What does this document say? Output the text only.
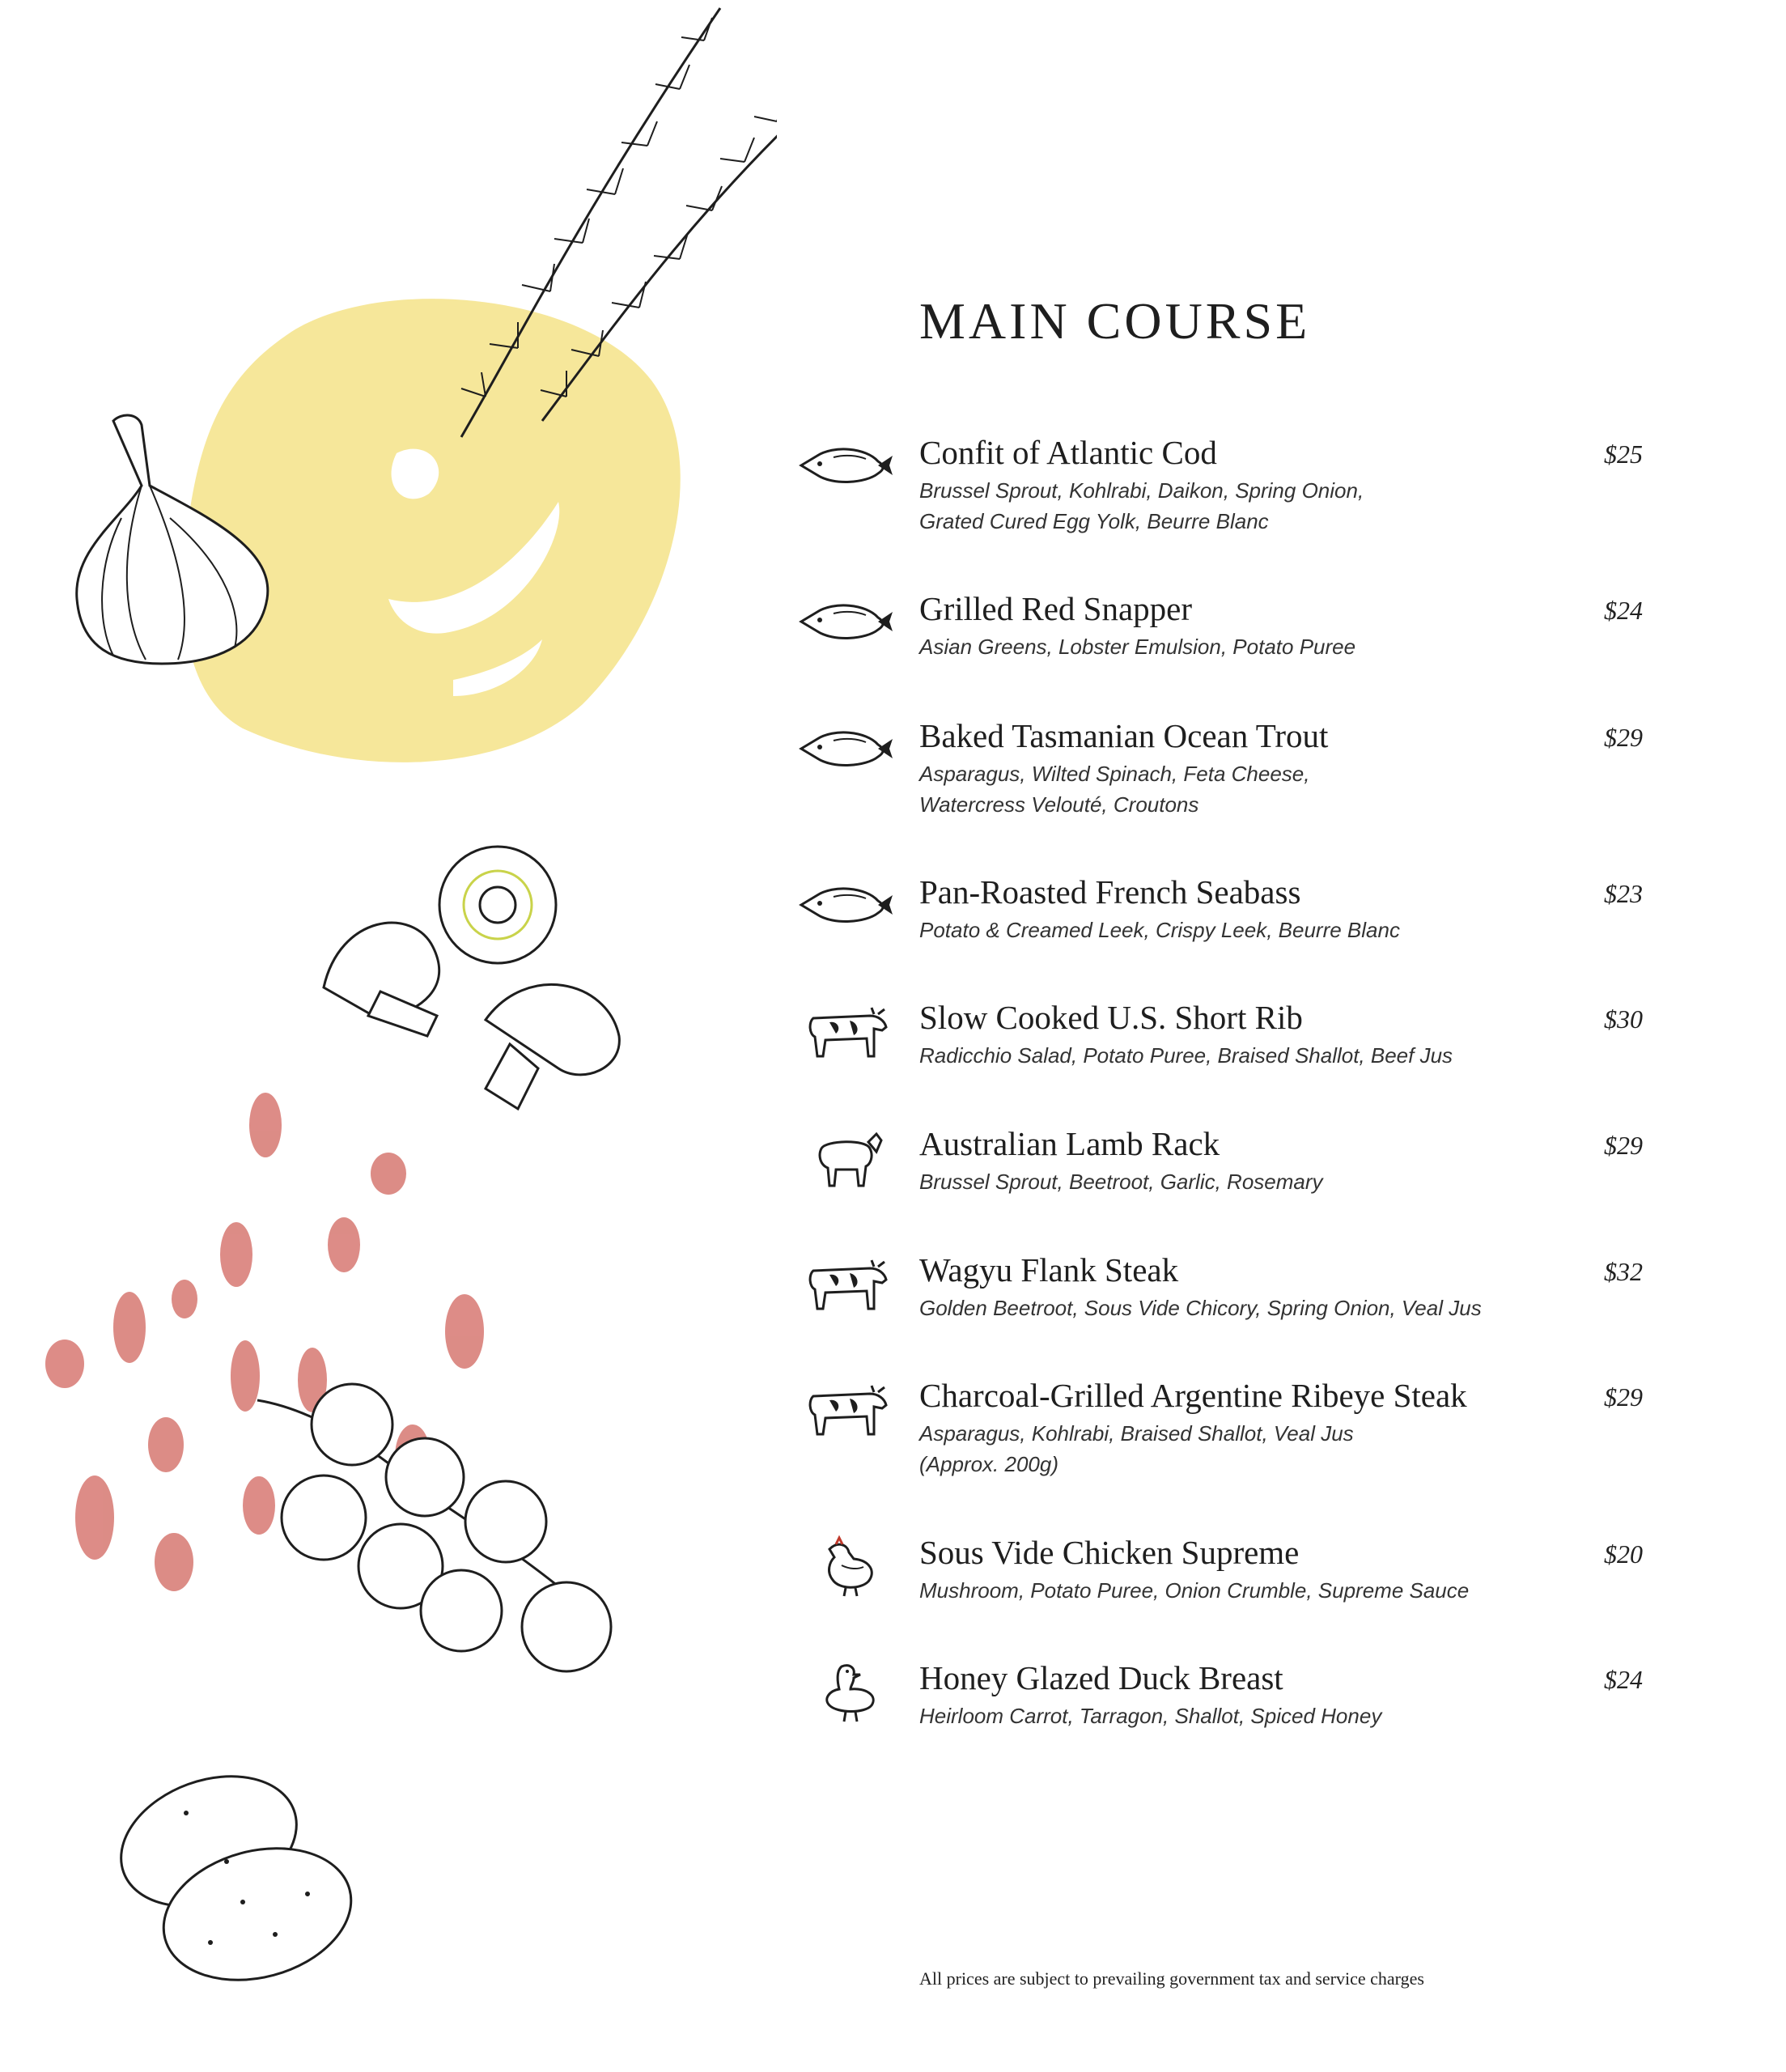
MAIN COURSE
Confit of Atlantic Cod
Brussel Sprout, Kohlrabi, Daikon, Spring Onion,
Grated Cured Egg Yolk, Beurre Blanc
$25
Grilled Red Snapper
Asian Greens, Lobster Emulsion, Potato Puree
$24
Baked Tasmanian Ocean Trout
Asparagus, Wilted Spinach, Feta Cheese,
Watercress Velouté, Croutons
$29
Pan-Roasted French Seabass
Potato & Creamed Leek, Crispy Leek, Beurre Blanc
$23
Slow Cooked U.S. Short Rib
Radicchio Salad, Potato Puree, Braised Shallot, Beef Jus
$30
Australian Lamb Rack
Brussel Sprout, Beetroot, Garlic, Rosemary
$29
Wagyu Flank Steak
Golden Beetroot, Sous Vide Chicory, Spring Onion, Veal Jus
$32
Charcoal-Grilled Argentine Ribeye Steak
Asparagus, Kohlrabi, Braised Shallot, Veal Jus
(Approx. 200g)
$29
Sous Vide Chicken Supreme
Mushroom, Potato Puree, Onion Crumble, Supreme Sauce
$20
Honey Glazed Duck Breast
Heirloom Carrot, Tarragon, Shallot, Spiced Honey
$24
All prices are subject to prevailing government tax and service charges
